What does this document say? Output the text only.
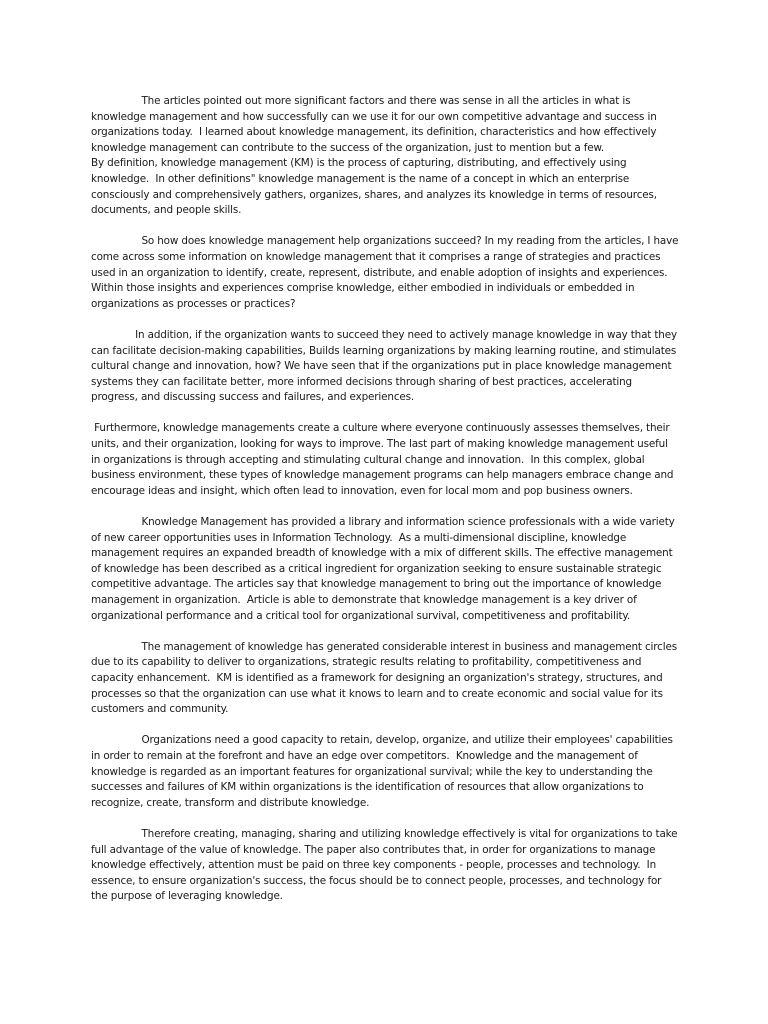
The articles pointed out more significant factors and there was sense in all the articles in what is
knowledge management and how successfully can we use it for our own competitive advantage and success in
organizations today.  I learned about knowledge management, its definition, characteristics and how effectively
knowledge management can contribute to the success of the organization, just to mention but a few.
By definition, knowledge management (KM) is the process of capturing, distributing, and effectively using
knowledge.  In other definitions" knowledge management is the name of a concept in which an enterprise
consciously and comprehensively gathers, organizes, shares, and analyzes its knowledge in terms of resources,
documents, and people skills.

So how does knowledge management help organizations succeed? In my reading from the articles, I have
come across some information on knowledge management that it comprises a range of strategies and practices
used in an organization to identify, create, represent, distribute, and enable adoption of insights and experiences.
Within those insights and experiences comprise knowledge, either embodied in individuals or embedded in
organizations as processes or practices?

In addition, if the organization wants to succeed they need to actively manage knowledge in way that they
can facilitate decision-making capabilities, Builds learning organizations by making learning routine, and stimulates
cultural change and innovation, how? We have seen that if the organizations put in place knowledge management
systems they can facilitate better, more informed decisions through sharing of best practices, accelerating
progress, and discussing success and failures, and experiences.

Furthermore, knowledge managements create a culture where everyone continuously assesses themselves, their
units, and their organization, looking for ways to improve. The last part of making knowledge management useful
in organizations is through accepting and stimulating cultural change and innovation.  In this complex, global
business environment, these types of knowledge management programs can help managers embrace change and
encourage ideas and insight, which often lead to innovation, even for local mom and pop business owners.

Knowledge Management has provided a library and information science professionals with a wide variety
of new career opportunities uses in Information Technology.  As a multi-dimensional discipline, knowledge
management requires an expanded breadth of knowledge with a mix of different skills. The effective management
of knowledge has been described as a critical ingredient for organization seeking to ensure sustainable strategic
competitive advantage. The articles say that knowledge management to bring out the importance of knowledge
management in organization.  Article is able to demonstrate that knowledge management is a key driver of
organizational performance and a critical tool for organizational survival, competitiveness and profitability.

The management of knowledge has generated considerable interest in business and management circles
due to its capability to deliver to organizations, strategic results relating to profitability, competitiveness and
capacity enhancement.  KM is identified as a framework for designing an organization's strategy, structures, and
processes so that the organization can use what it knows to learn and to create economic and social value for its
customers and community.

Organizations need a good capacity to retain, develop, organize, and utilize their employees' capabilities
in order to remain at the forefront and have an edge over competitors.  Knowledge and the management of
knowledge is regarded as an important features for organizational survival; while the key to understanding the
successes and failures of KM within organizations is the identification of resources that allow organizations to
recognize, create, transform and distribute knowledge.

Therefore creating, managing, sharing and utilizing knowledge effectively is vital for organizations to take
full advantage of the value of knowledge. The paper also contributes that, in order for organizations to manage
knowledge effectively, attention must be paid on three key components - people, processes and technology.  In
essence, to ensure organization's success, the focus should be to connect people, processes, and technology for
the purpose of leveraging knowledge.
